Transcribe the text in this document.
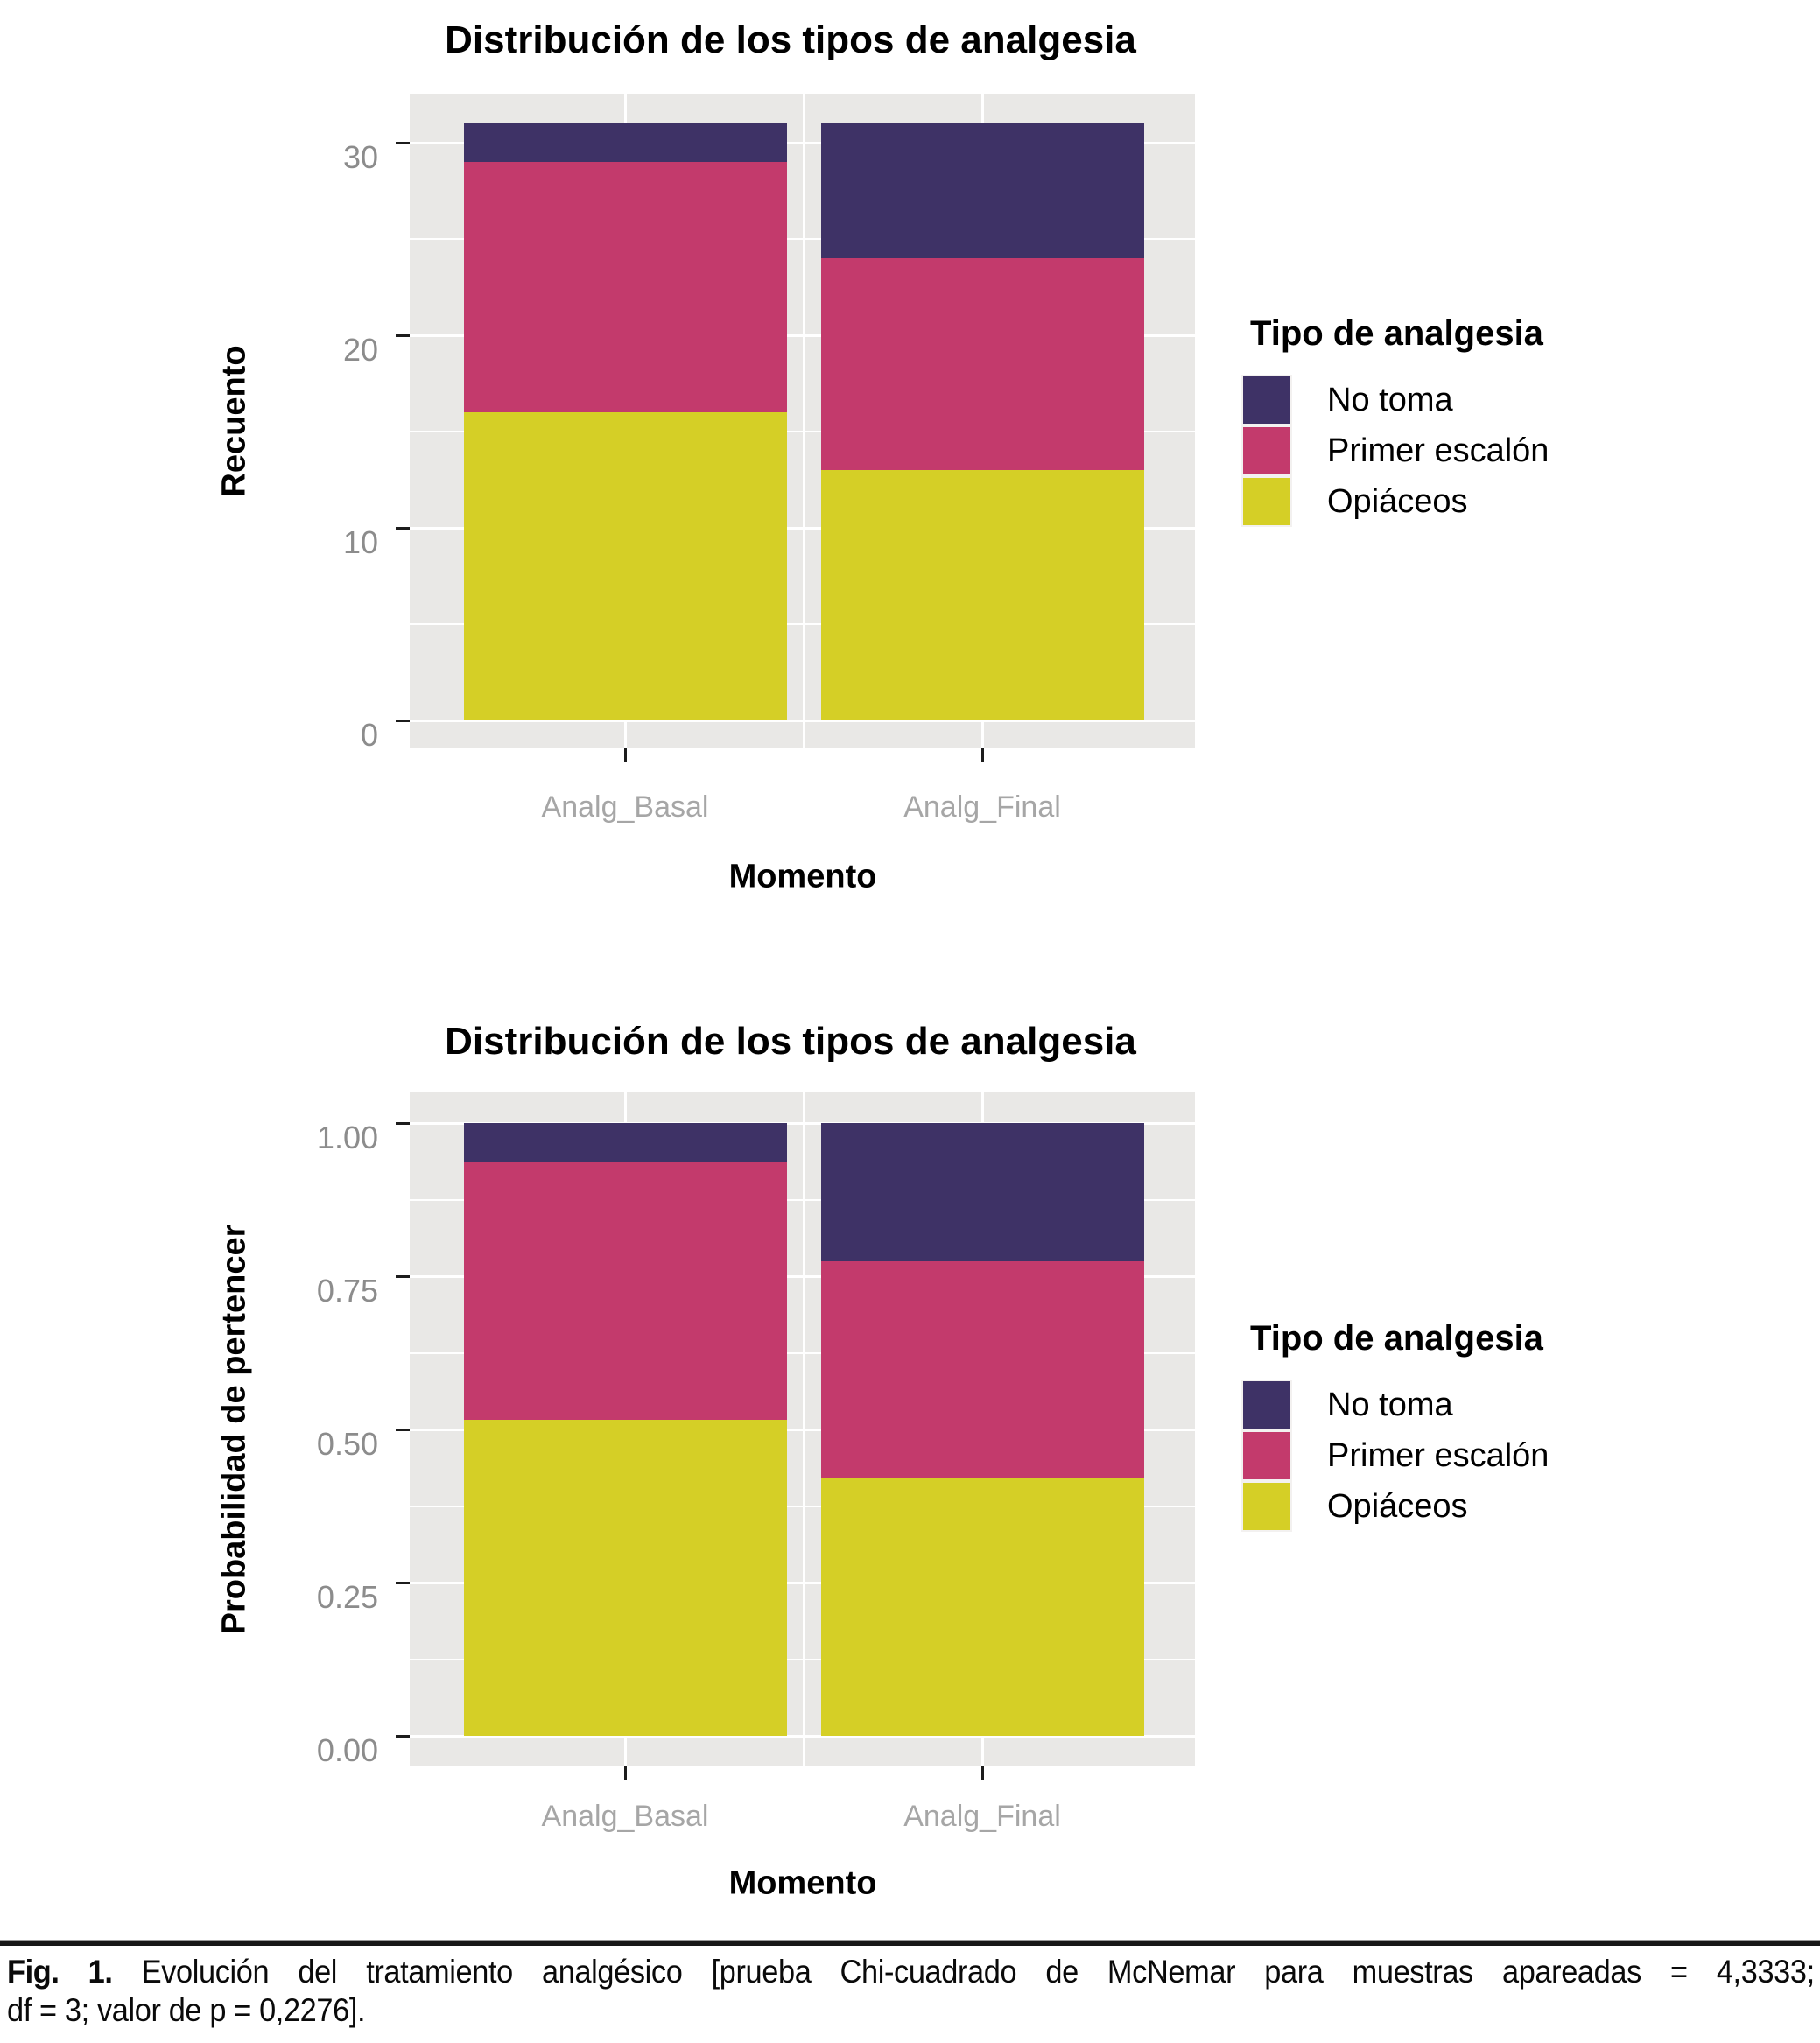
Distribución de los tipos de analgesia
Recuento
Momento
Tipo de analgesia
No toma
Primer escalón
Opiáceos
Distribución de los tipos de analgesia
Probabilidad de pertencer
Momento
Tipo de analgesia
No toma
Primer escalón
Opiáceos
Fig. 1. Evolución del tratamiento analgésico [prueba Chi-cuadrado de McNemar para muestras apareadas = 4,3333;
df = 3; valor de p = 0,2276].
0
10
20
30
Analg_Basal	Analg_Final
0.00
0.25
0.50
0.75
1.00
Analg_Basal	Analg_Final
